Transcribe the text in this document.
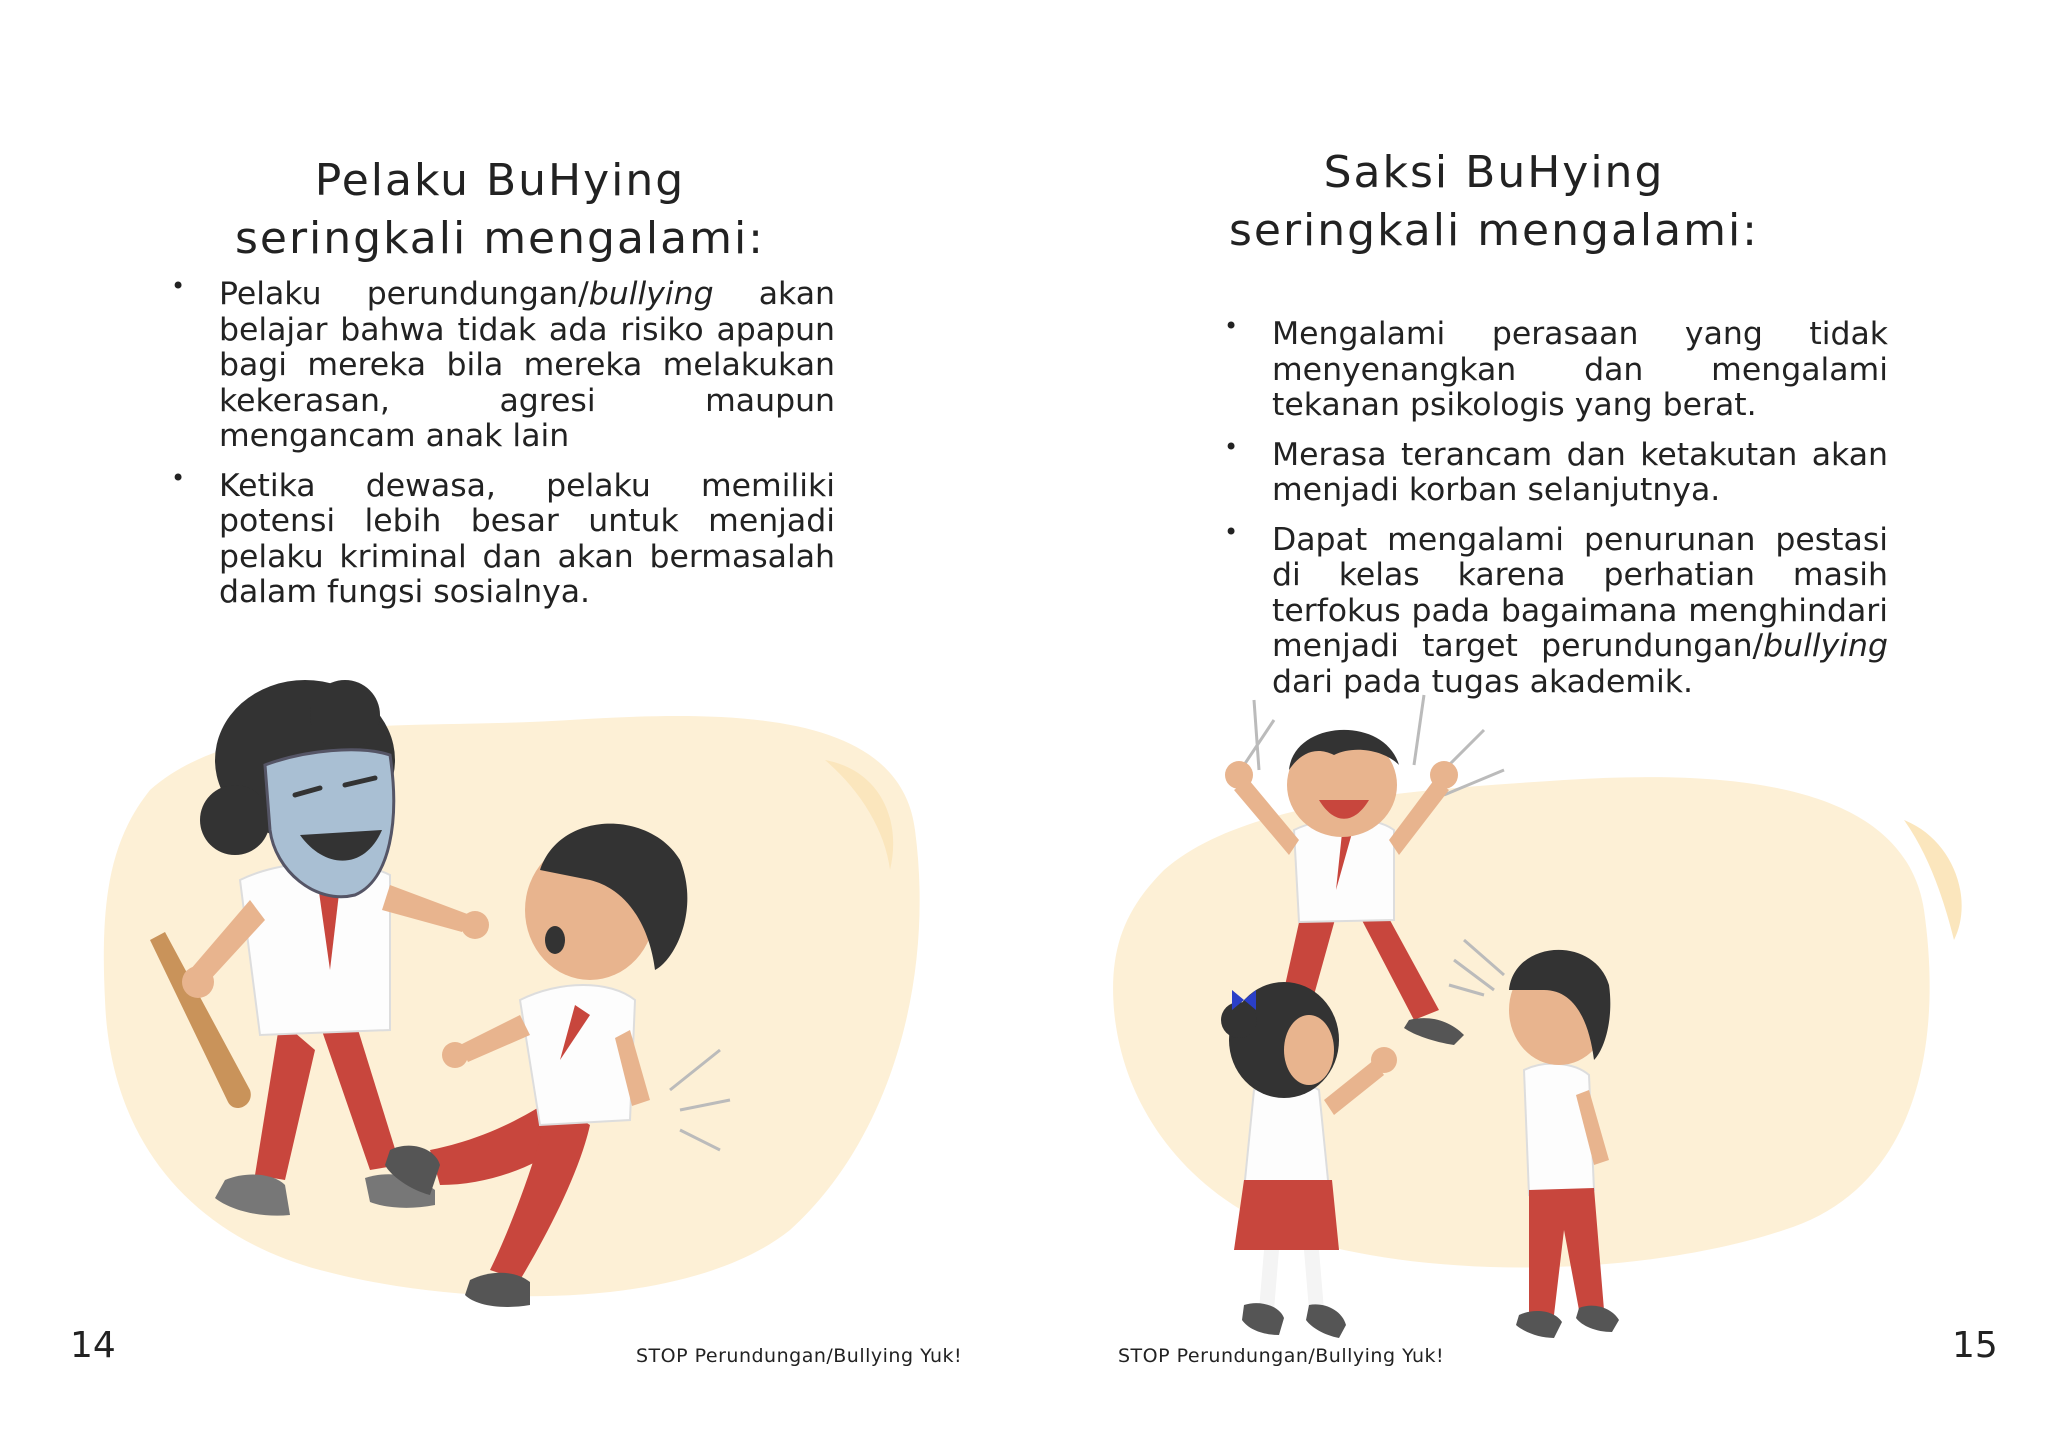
Pelaku BuHying
seringkali mengalami:
• Pelaku perundungan/bullying akan belajar bahwa tidak ada risiko apapun bagi mereka bila mereka melakukan kekerasan, agresi maupun mengancam anak lain
• Ketika dewasa, pelaku memiliki potensi lebih besar untuk menjadi pelaku kriminal dan akan bermasalah dalam fungsi sosialnya.
14	STOP Perundungan/Bullying Yuk!
Saksi BuHying
seringkali mengalami:
• Mengalami perasaan yang tidak menyenangkan dan mengalami tekanan psikologis yang berat.
• Merasa terancam dan ketakutan akan menjadi korban selanjutnya.
• Dapat mengalami penurunan pestasi di kelas karena perhatian masih terfokus pada bagaimana menghindari menjadi target perundungan/bullying dari pada tugas akademik.
STOP Perundungan/Bullying Yuk!	15
